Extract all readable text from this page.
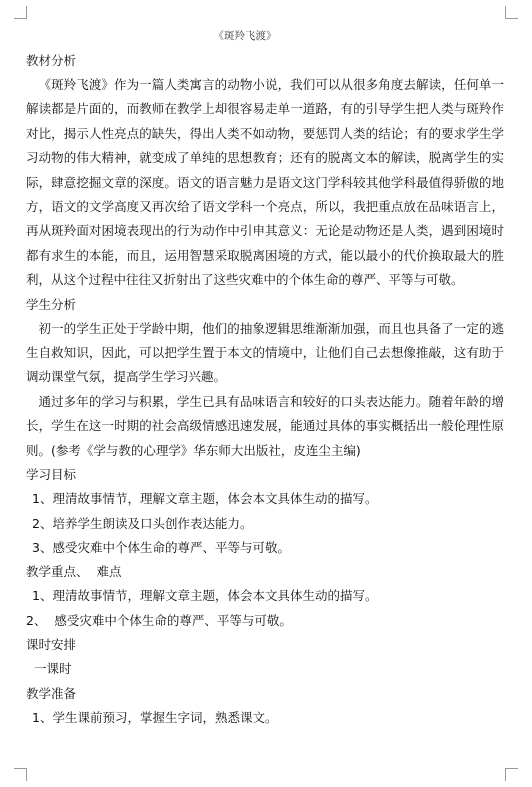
《斑羚飞渡》
教材分析

《斑羚飞渡》作为一篇人类寓言的动物小说，我们可以从很多角度去解读，任何单一解读都是片面的，而教师在教学上却很容易走单一道路，有的引导学生把人类与斑羚作对比，揭示人性亮点的缺失，得出人类不如动物，要惩罚人类的结论；有的要求学生学习动物的伟大精神，就变成了单纯的思想教育；还有的脱离文本的解读，脱离学生的实际，肆意挖掘文章的深度。语文的语言魅力是语文这门学科较其他学科最值得骄傲的地方，语文的文学高度又再次给了语文学科一个亮点，所以，我把重点放在品味语言上，再从斑羚面对困境表现出的行为动作中引申其意义：无论是动物还是人类，遇到困境时都有求生的本能，而且，运用智慧采取脱离困境的方式，能以最小的代价换取最大的胜利，从这个过程中往往又折射出了这些灾难中的个体生命的尊严、平等与可敬。

学生分析

初一的学生正处于学龄中期，他们的抽象逻辑思维渐渐加强，而且也具备了一定的逃生自救知识，因此，可以把学生置于本文的情境中，让他们自己去想像推敲，这有助于调动课堂气氛，提高学生学习兴趣。

通过多年的学习与积累，学生已具有品味语言和较好的口头表达能力。随着年龄的增长，学生在这一时期的社会高级情感迅速发展，能通过具体的事实概括出一般伦理性原则。(参考《学与教的心理学》华东师大出版社，皮连尘主编)

学习目标
1、理清故事情节，理解文章主题，体会本文具体生动的描写。
2、培养学生朗读及口头创作表达能力。
3、感受灾难中个体生命的尊严、平等与可敬。
教学重点、  难点
1、理清故事情节，理解文章主题，体会本文具体生动的描写。
2、  感受灾难中个体生命的尊严、平等与可敬。
课时安排
一课时
教学准备
1、学生课前预习，掌握生字词，熟悉课文。
